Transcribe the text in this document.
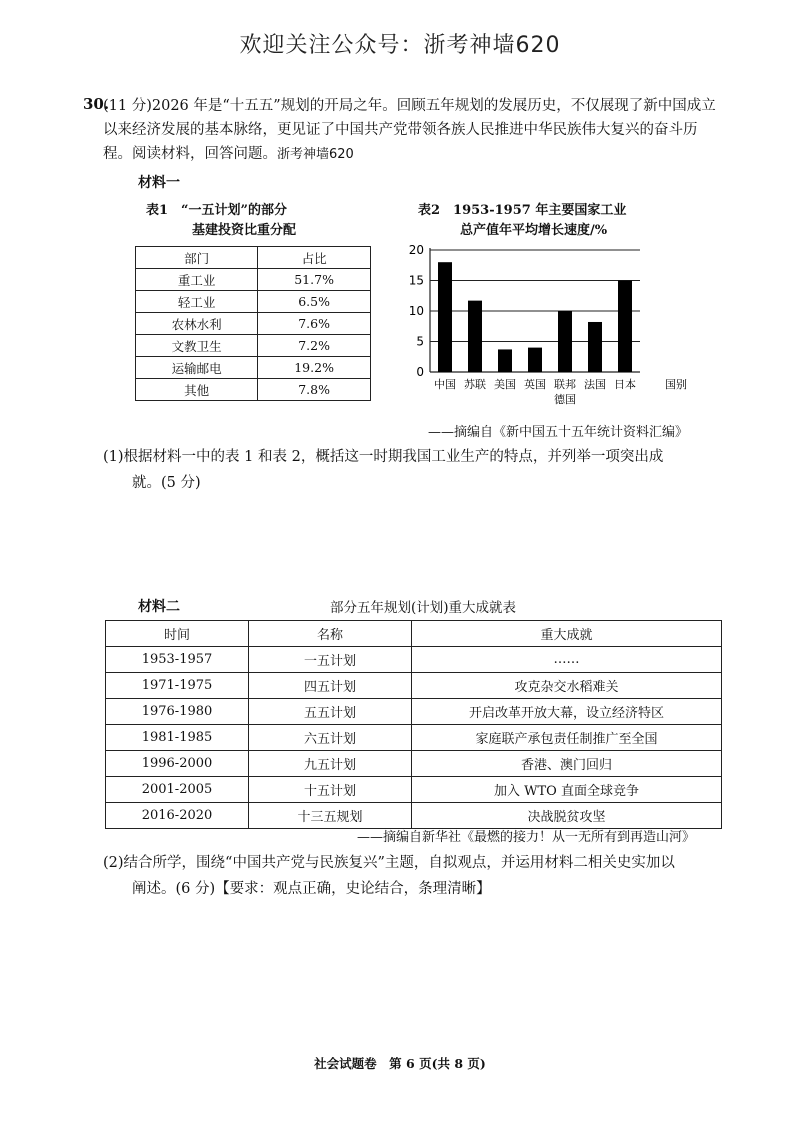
欢迎关注公众号：浙考神墙620
30.
(11 分)2026 年是“十五五”规划的开局之年。回顾五年规划的发展历史，不仅展现了新中国成立以来经济发展的基本脉络，更见证了中国共产党带领各族人民推进中华民族伟大复兴的奋斗历程。阅读材料，回答问题。浙考神墙620
材料一
表1　“一五计划”的部分
基建投资比重分配
部门	占比
重工业	51.7%
轻工业	6.5%
农林水利	7.6%
文教卫生	7.2%
运输邮电	19.2%
其他	7.8%
表2　1953-1957 年主要国家工业
总产值年平均增长速度/%
0
5
10
15
20
中国 苏联 美国 英国 联邦
德国
法国 日本	国别
——摘编自《新中国五十五年统计资料汇编》
(1)根据材料一中的表 1 和表 2，概括这一时期我国工业生产的特点，并列举一项突出成
就。(5 分)
材料二	部分五年规划(计划)重大成就表
时间	名称	重大成就
1953-1957	一五计划	……
1971-1975	四五计划	攻克杂交水稻难关
1976-1980	五五计划	开启改革开放大幕，设立经济特区
1981-1985	六五计划	家庭联产承包责任制推广至全国
1996-2000	九五计划	香港、澳门回归
2001-2005	十五计划	加入 WTO 直面全球竞争
2016-2020	十三五规划	决战脱贫攻坚
——摘编自新华社《最燃的接力！从一无所有到再造山河》
(2)结合所学，围绕“中国共产党与民族复兴”主题，自拟观点，并运用材料二相关史实加以
阐述。(6 分)【要求：观点正确，史论结合，条理清晰】
社会试题卷　第 6 页(共 8 页)
